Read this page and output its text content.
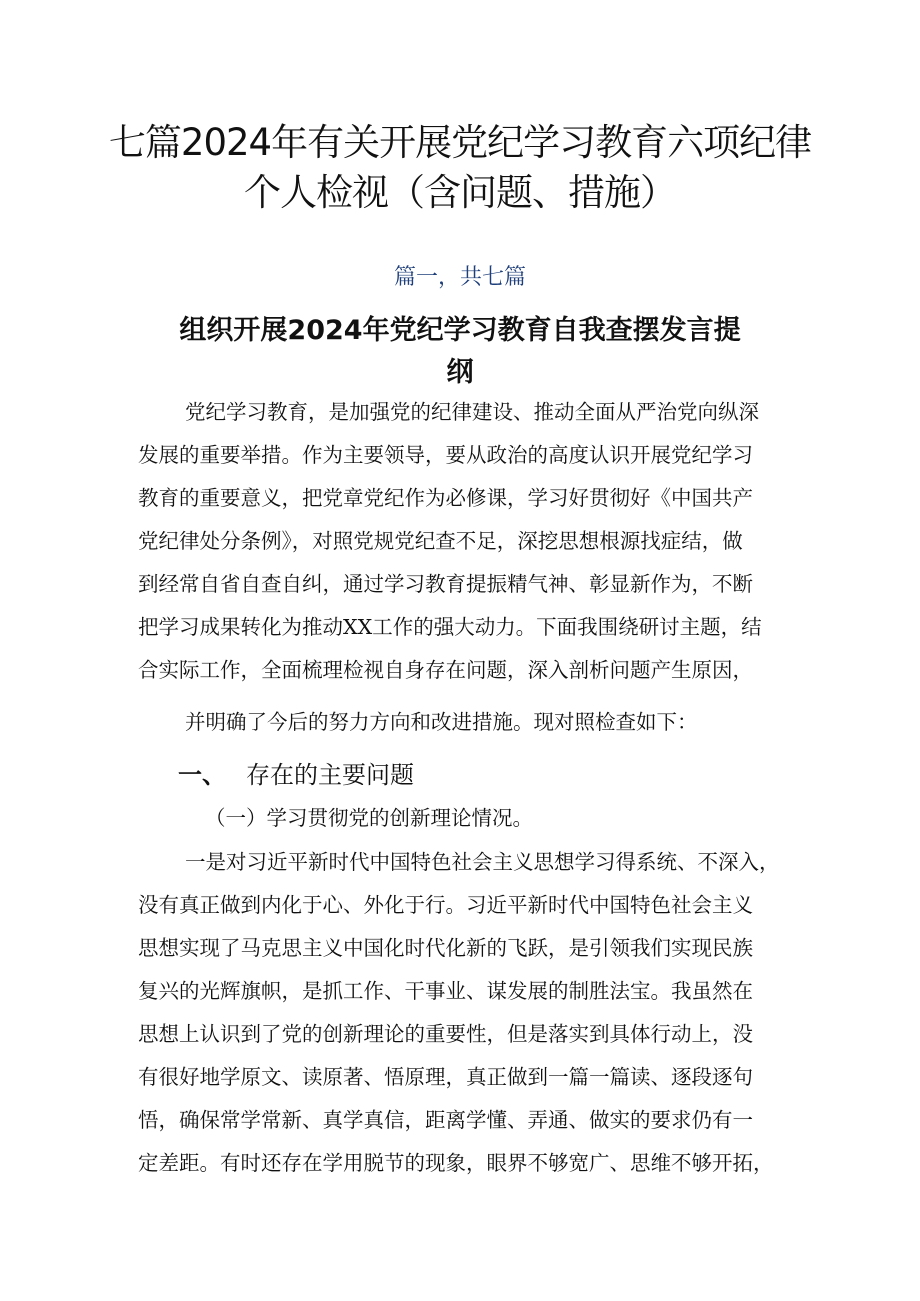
七篇2024年有关开展党纪学习教育六项纪律
个人检视（含问题、措施）
篇一，共七篇
组织开展2024年党纪学习教育自我查摆发言提
纲

党纪学习教育，是加强党的纪律建设、推动全面从严治党向纵深

发展的重要举措。作为主要领导，要从政治的高度认识开展党纪学习

教育的重要意义，把党章党纪作为必修课，学习好贯彻好《中国共产

党纪律处分条例》，对照党规党纪查不足，深挖思想根源找症结，做

到经常自省自查自纠，通过学习教育提振精气神、彰显新作为，不断

把学习成果转化为推动XX工作的强大动力。下面我围绕研讨主题，结

合实际工作，全面梳理检视自身存在问题，深入剖析问题产生原因，

并明确了今后的努力方向和改进措施。现对照检查如下：

一、 存在的主要问题

（一）学习贯彻党的创新理论情况。

一是对习近平新时代中国特色社会主义思想学习得系统、不深入，

没有真正做到内化于心、外化于行。习近平新时代中国特色社会主义

思想实现了马克思主义中国化时代化新的飞跃，是引领我们实现民族

复兴的光辉旗帜，是抓工作、干事业、谋发展的制胜法宝。我虽然在

思想上认识到了党的创新理论的重要性，但是落实到具体行动上，没

有很好地学原文、读原著、悟原理，真正做到一篇一篇读、逐段逐句

悟，确保常学常新、真学真信，距离学懂、弄通、做实的要求仍有一

定差距。有时还存在学用脱节的现象，眼界不够宽广、思维不够开拓，
